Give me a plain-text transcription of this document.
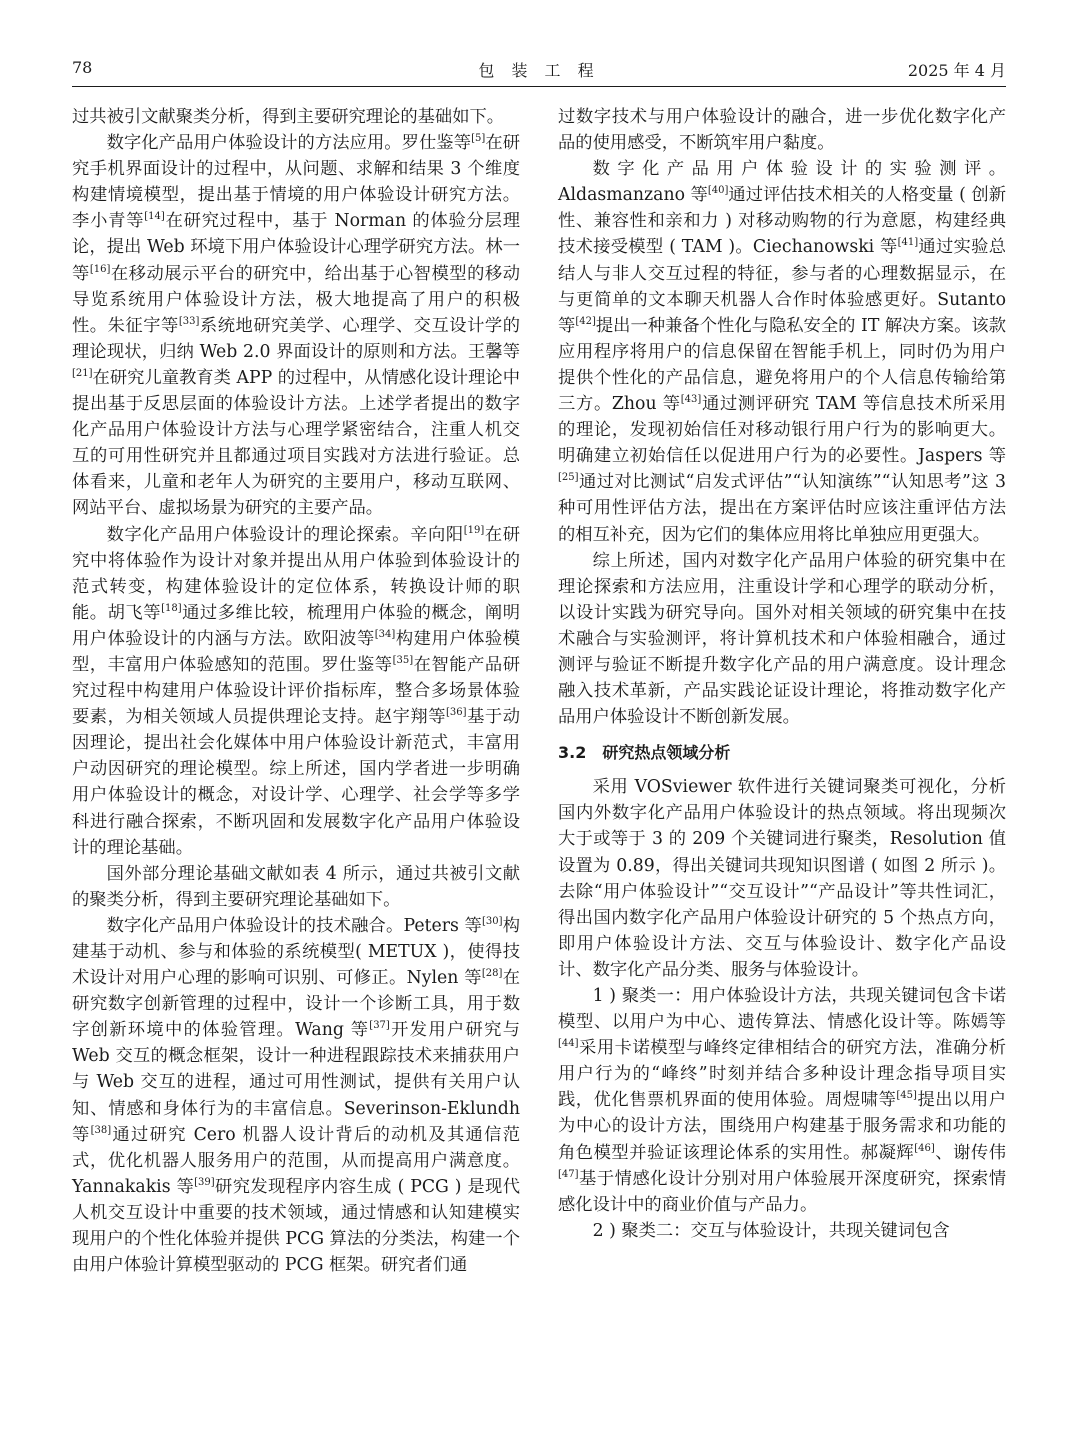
78	包 装 工 程	2025 年 4 月

过共被引文献聚类分析，得到主要研究理论的基础如下。

数字化产品用户体验设计的方法应用。罗仕鉴等[5]在研究手机界面设计的过程中，从问题、求解和结果 3 个维度构建情境模型，提出基于情境的用户体验设计研究方法。李小青等[14]在研究过程中，基于 Norman 的体验分层理论，提出 Web 环境下用户体验设计心理学研究方法。林一等[16]在移动展示平台的研究中，给出基于心智模型的移动导览系统用户体验设计方法，极大地提高了用户的积极性。朱征宇等[33]系统地研究美学、心理学、交互设计学的理论现状，归纳 Web 2.0 界面设计的原则和方法。王馨等[21]在研究儿童教育类 APP 的过程中，从情感化设计理论中提出基于反思层面的体验设计方法。上述学者提出的数字化产品用户体验设计方法与心理学紧密结合，注重人机交互的可用性研究并且都通过项目实践对方法进行验证。总体看来，儿童和老年人为研究的主要用户，移动互联网、网站平台、虚拟场景为研究的主要产品。

数字化产品用户体验设计的理论探索。辛向阳[19]在研究中将体验作为设计对象并提出从用户体验到体验设计的范式转变，构建体验设计的定位体系，转换设计师的职能。胡飞等[18]通过多维比较，梳理用户体验的概念，阐明用户体验设计的内涵与方法。欧阳波等[34]构建用户体验模型，丰富用户体验感知的范围。罗仕鉴等[35]在智能产品研究过程中构建用户体验设计评价指标库，整合多场景体验要素，为相关领域人员提供理论支持。赵宇翔等[36]基于动因理论，提出社会化媒体中用户体验设计新范式，丰富用户动因研究的理论模型。综上所述，国内学者进一步明确用户体验设计的概念，对设计学、心理学、社会学等多学科进行融合探索，不断巩固和发展数字化产品用户体验设计的理论基础。

国外部分理论基础文献如表 4 所示，通过共被引文献的聚类分析，得到主要研究理论基础如下。

数字化产品用户体验设计的技术融合。Peters 等[30]构建基于动机、参与和体验的系统模型( METUX )，使得技术设计对用户心理的影响可识别、可修正。Nylen 等[28]在研究数字创新管理的过程中，设计一个诊断工具，用于数字创新环境中的体验管理。Wang 等[37]开发用户研究与 Web 交互的概念框架，设计一种进程跟踪技术来捕获用户与 Web 交互的进程，通过可用性测试，提供有关用户认知、情感和身体行为的丰富信息。Severinson-Eklundh 等[38]通过研究 Cero 机器人设计背后的动机及其通信范式，优化机器人服务用户的范围，从而提高用户满意度。Yannakakis 等[39]研究发现程序内容生成 ( PCG ) 是现代人机交互设计中重要的技术领域，通过情感和认知建模实现用户的个性化体验并提供 PCG 算法的分类法，构建一个由用户体验计算模型驱动的 PCG 框架。研究者们通

过数字技术与用户体验设计的融合，进一步优化数字化产品的使用感受，不断筑牢用户黏度。

数字化产品用户体验设计的实验测评。Aldasmanzano 等[40]通过评估技术相关的人格变量 ( 创新性、兼容性和亲和力 ) 对移动购物的行为意愿，构建经典技术接受模型 ( TAM )。Ciechanowski 等[41]通过实验总结人与非人交互过程的特征，参与者的心理数据显示，在与更简单的文本聊天机器人合作时体验感更好。Sutanto 等[42]提出一种兼备个性化与隐私安全的 IT 解决方案。该款应用程序将用户的信息保留在智能手机上，同时仍为用户提供个性化的产品信息，避免将用户的个人信息传输给第三方。Zhou 等[43]通过测评研究 TAM 等信息技术所采用的理论，发现初始信任对移动银行用户行为的影响更大。明确建立初始信任以促进用户行为的必要性。Jaspers 等[25]通过对比测试“启发式评估”“认知演练”“认知思考”这 3 种可用性评估方法，提出在方案评估时应该注重评估方法的相互补充，因为它们的集体应用将比单独应用更强大。

综上所述，国内对数字化产品用户体验的研究集中在理论探索和方法应用，注重设计学和心理学的联动分析，以设计实践为研究导向。国外对相关领域的研究集中在技术融合与实验测评，将计算机技术和户体验相融合，通过测评与验证不断提升数字化产品的用户满意度。设计理念融入技术革新，产品实践论证设计理论，将推动数字化产品用户体验设计不断创新发展。

3.2　研究热点领域分析

采用 VOSviewer 软件进行关键词聚类可视化，分析国内外数字化产品用户体验设计的热点领域。将出现频次大于或等于 3 的 209 个关键词进行聚类，Resolution 值设置为 0.89，得出关键词共现知识图谱 ( 如图 2 所示 )。去除“用户体验设计”“交互设计”“产品设计”等共性词汇，得出国内数字化产品用户体验设计研究的 5 个热点方向，即用户体验设计方法、交互与体验设计、数字化产品设计、数字化产品分类、服务与体验设计。

1 ) 聚类一：用户体验设计方法，共现关键词包含卡诺模型、以用户为中心、遗传算法、情感化设计等。陈嫣等[44]采用卡诺模型与峰终定律相结合的研究方法，准确分析用户行为的“峰终”时刻并结合多种设计理念指导项目实践，优化售票机界面的使用体验。周煜啸等[45]提出以用户为中心的设计方法，围绕用户构建基于服务需求和功能的角色模型并验证该理论体系的实用性。郝凝辉[46]、谢传伟[47]基于情感化设计分别对用户体验展开深度研究，探索情感化设计中的商业价值与产品力。

2 ) 聚类二：交互与体验设计，共现关键词包含
